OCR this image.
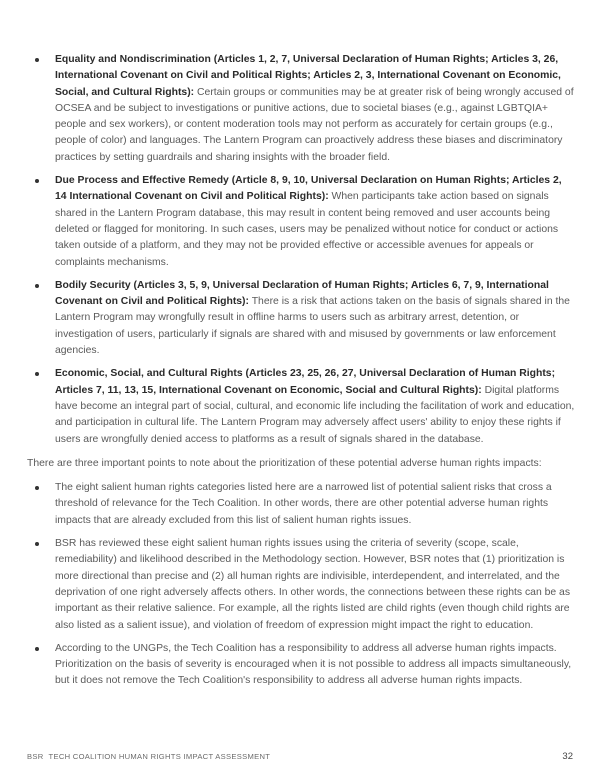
Equality and Nondiscrimination (Articles 1, 2, 7, Universal Declaration of Human Rights; Articles 3, 26, International Covenant on Civil and Political Rights; Articles 2, 3, International Covenant on Economic, Social, and Cultural Rights): Certain groups or communities may be at greater risk of being wrongly accused of OCSEA and be subject to investigations or punitive actions, due to societal biases (e.g., against LGBTQIA+ people and sex workers), or content moderation tools may not perform as accurately for certain groups (e.g., people of color) and languages. The Lantern Program can proactively address these biases and discriminatory practices by setting guardrails and sharing insights with the broader field.
Due Process and Effective Remedy (Article 8, 9, 10, Universal Declaration on Human Rights; Articles 2, 14 International Covenant on Civil and Political Rights): When participants take action based on signals shared in the Lantern Program database, this may result in content being removed and user accounts being deleted or flagged for monitoring. In such cases, users may be penalized without notice for conduct or actions taken outside of a platform, and they may not be provided effective or accessible avenues for appeals or complaints mechanisms.
Bodily Security (Articles 3, 5, 9, Universal Declaration of Human Rights; Articles 6, 7, 9, International Covenant on Civil and Political Rights): There is a risk that actions taken on the basis of signals shared in the Lantern Program may wrongfully result in offline harms to users such as arbitrary arrest, detention, or investigation of users, particularly if signals are shared with and misused by governments or law enforcement agencies.
Economic, Social, and Cultural Rights (Articles 23, 25, 26, 27, Universal Declaration of Human Rights; Articles 7, 11, 13, 15, International Covenant on Economic, Social and Cultural Rights): Digital platforms have become an integral part of social, cultural, and economic life including the facilitation of work and education, and participation in cultural life. The Lantern Program may adversely affect users' ability to enjoy these rights if users are wrongfully denied access to platforms as a result of signals shared in the database.

There are three important points to note about the prioritization of these potential adverse human rights impacts:

The eight salient human rights categories listed here are a narrowed list of potential salient risks that cross a threshold of relevance for the Tech Coalition. In other words, there are other potential adverse human rights impacts that are already excluded from this list of salient human rights issues.
BSR has reviewed these eight salient human rights issues using the criteria of severity (scope, scale, remediability) and likelihood described in the Methodology section. However, BSR notes that (1) prioritization is more directional than precise and (2) all human rights are indivisible, interdependent, and interrelated, and the deprivation of one right adversely affects others. In other words, the connections between these rights can be as important as their relative salience. For example, all the rights listed are child rights (even though child rights are also listed as a salient issue), and violation of freedom of expression might impact the right to education.
According to the UNGPs, the Tech Coalition has a responsibility to address all adverse human rights impacts. Prioritization on the basis of severity is encouraged when it is not possible to address all impacts simultaneously, but it does not remove the Tech Coalition's responsibility to address all adverse human rights impacts.
BSR TECH COALITION HUMAN RIGHTS IMPACT ASSESSMENT	32
